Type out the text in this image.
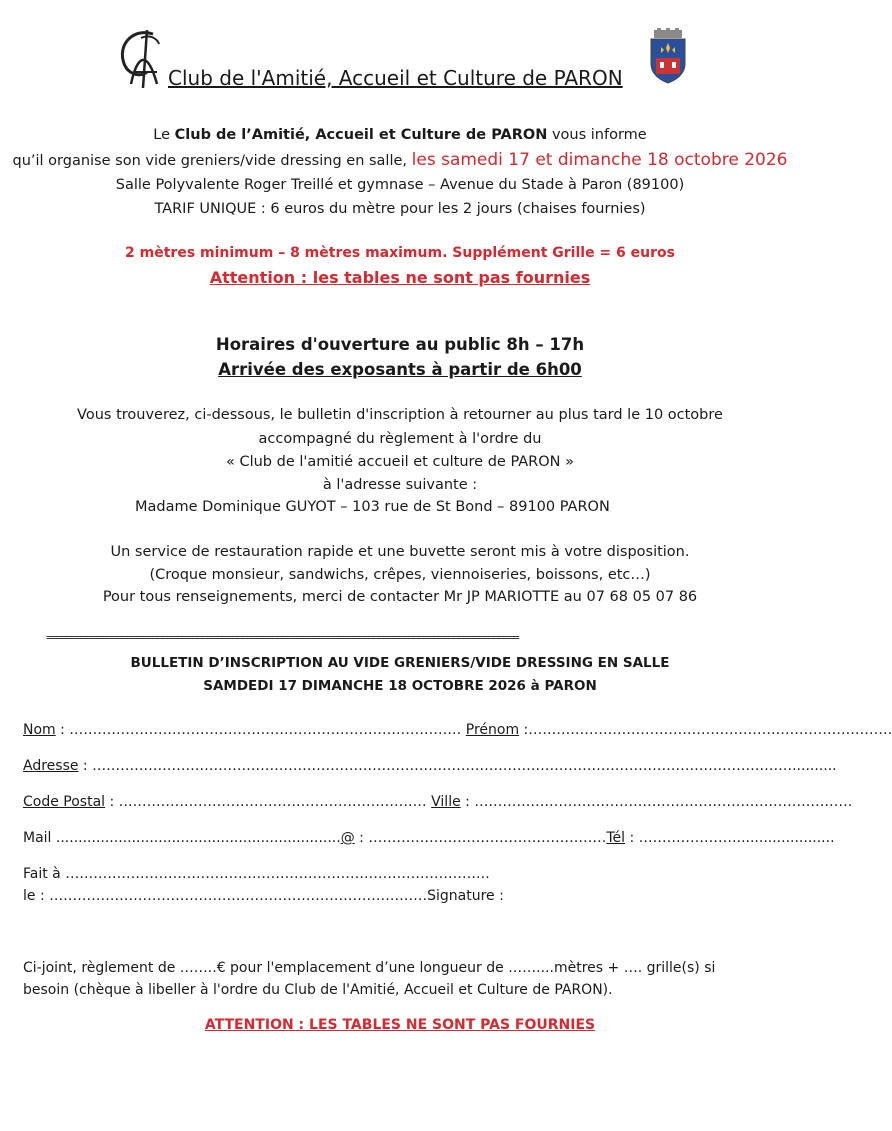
Club de l'Amitié, Accueil et Culture de PARON
Le Club de l’Amitié, Accueil et Culture de PARON vous informe
qu’il organise son vide greniers/vide dressing en salle, les samedi 17 et dimanche 18 octobre 2026
Salle Polyvalente Roger Treillé et gymnase – Avenue du Stade à Paron (89100)
TARIF UNIQUE : 6 euros du mètre pour les 2 jours (chaises fournies)
2 mètres minimum – 8 mètres maximum. Supplément Grille = 6 euros
Attention : les tables ne sont pas fournies
Horaires d'ouverture au public 8h – 17h
Arrivée des exposants à partir de 6h00
Vous trouverez, ci-dessous, le bulletin d'inscription à retourner au plus tard le 10 octobre
accompagné du règlement à l'ordre du
« Club de l'amitié accueil et culture de PARON »
à l'adresse suivante :
Madame Dominique GUYOT – 103 rue de St Bond – 89100 PARON
Un service de restauration rapide et une buvette seront mis à votre disposition.
(Croque monsieur, sandwichs, crêpes, viennoiseries, boissons, etc…)
Pour tous renseignements, merci de contacter Mr JP MARIOTTE au 07 68 05 07 86
==============================================================================================
BULLETIN D’INSCRIPTION AU VIDE GRENIERS/VIDE DRESSING EN SALLE
SAMDEDI 17 DIMANCHE 18 OCTOBRE 2026 à PARON
Nom : ………………………………………………………………………… Prénom :……………………………………………………………………
Adresse : ……………………………………………………………………………………………………………………………………..........
Code Postal : ………………………………………………………… Ville : ………………………………………………………………………
Mail ................................................................@ : ……………………………………………Tél : …………………......................
Fait à ……………………………………………………………………………….
le : ………………………………………………………………………Signature :
Ci-joint, règlement de ……..€ pour l'emplacement d’une longueur de ……....mètres + …. grille(s) si
besoin (chèque à libeller à l'ordre du Club de l'Amitié, Accueil et Culture de PARON).
ATTENTION : LES TABLES NE SONT PAS FOURNIES
